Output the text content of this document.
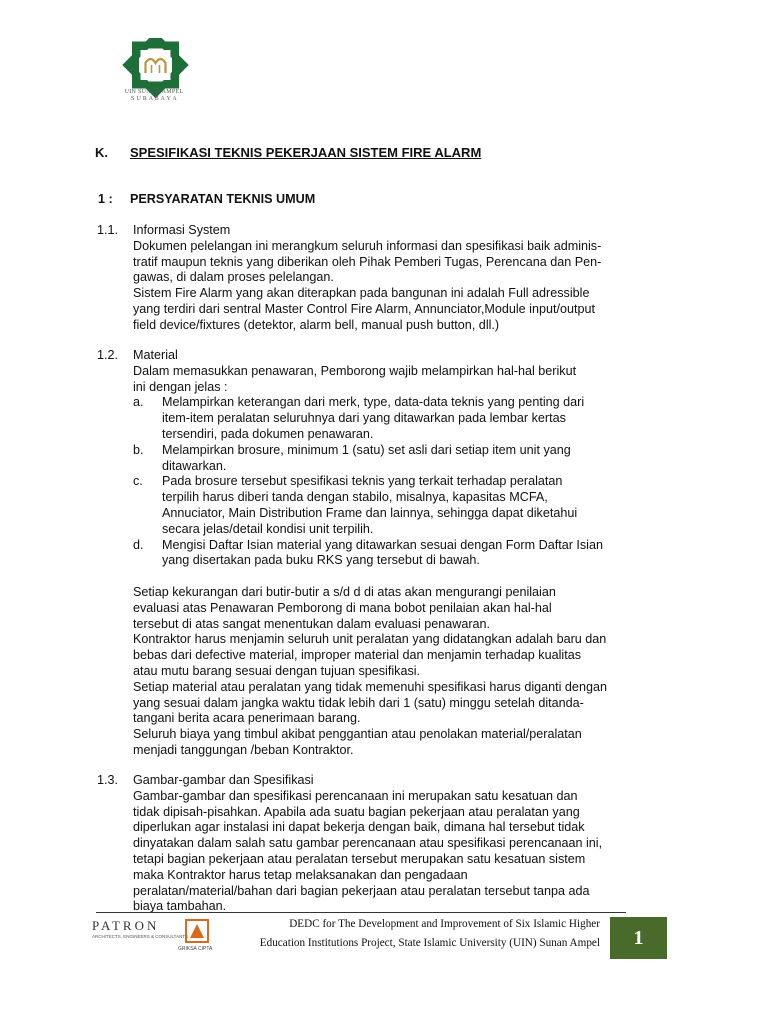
UIN SUNAN AMPEL
S U R A B A Y A
K. SPESIFIKASI TEKNIS PEKERJAAN SISTEM FIRE ALARM
1 : PERSYARATAN TEKNIS UMUM
1.1. Informasi System
Dokumen pelelangan ini merangkum seluruh informasi dan spesifikasi baik adminis-
tratif maupun teknis yang diberikan oleh Pihak Pemberi Tugas, Perencana dan Pen-
gawas, di dalam proses pelelangan.
Sistem Fire Alarm yang akan diterapkan pada bangunan ini adalah Full adressible
yang terdiri dari sentral Master Control Fire Alarm, Annunciator,Module input/output
field device/fixtures (detektor, alarm bell, manual push button, dll.)
1.2. Material
Dalam memasukkan penawaran, Pemborong wajib melampirkan hal-hal berikut
ini dengan jelas :
a. Melampirkan keterangan dari merk, type, data-data teknis yang penting dari
item-item peralatan seluruhnya dari yang ditawarkan pada lembar kertas
tersendiri, pada dokumen penawaran.
b. Melampirkan brosure, minimum 1 (satu) set asli dari setiap item unit yang
ditawarkan.
c. Pada brosure tersebut spesifikasi teknis yang terkait terhadap peralatan
terpilih harus diberi tanda dengan stabilo, misalnya, kapasitas MCFA,
Annuciator, Main Distribution Frame dan lainnya, sehingga dapat diketahui
secara jelas/detail kondisi unit terpilih.
d. Mengisi Daftar Isian material yang ditawarkan sesuai dengan Form Daftar Isian
yang disertakan pada buku RKS yang tersebut di bawah.
Setiap kekurangan dari butir-butir a s/d d di atas akan mengurangi penilaian
evaluasi atas Penawaran Pemborong di mana bobot penilaian akan hal-hal
tersebut di atas sangat menentukan dalam evaluasi penawaran.
Kontraktor harus menjamin seluruh unit peralatan yang didatangkan adalah baru dan
bebas dari defective material, improper material dan menjamin terhadap kualitas
atau mutu barang sesuai dengan tujuan spesifikasi.
Setiap material atau peralatan yang tidak memenuhi spesifikasi harus diganti dengan
yang sesuai dalam jangka waktu tidak lebih dari 1 (satu) minggu setelah ditanda-
tangani berita acara penerimaan barang.
Seluruh biaya yang timbul akibat penggantian atau penolakan material/peralatan
menjadi tanggungan /beban Kontraktor.
1.3. Gambar-gambar dan Spesifikasi
Gambar-gambar dan spesifikasi perencanaan ini merupakan satu kesatuan dan
tidak dipisah-pisahkan. Apabila ada suatu bagian pekerjaan atau peralatan yang
diperlukan agar instalasi ini dapat bekerja dengan baik, dimana hal tersebut tidak
dinyatakan dalam salah satu gambar perencanaan atau spesifikasi perencanaan ini,
tetapi bagian pekerjaan atau peralatan tersebut merupakan satu kesatuan sistem
maka Kontraktor harus tetap melaksanakan dan pengadaan
peralatan/material/bahan dari bagian pekerjaan atau peralatan tersebut tanpa ada
biaya tambahan.
PATRON
ARCHITECTS, ENGINEERS & CONSULTANTS
GRIKSA CIPTA
DEDC for The Development and Improvement of Six Islamic Higher
Education Institutions Project, State Islamic University (UIN) Sunan Ampel 1
